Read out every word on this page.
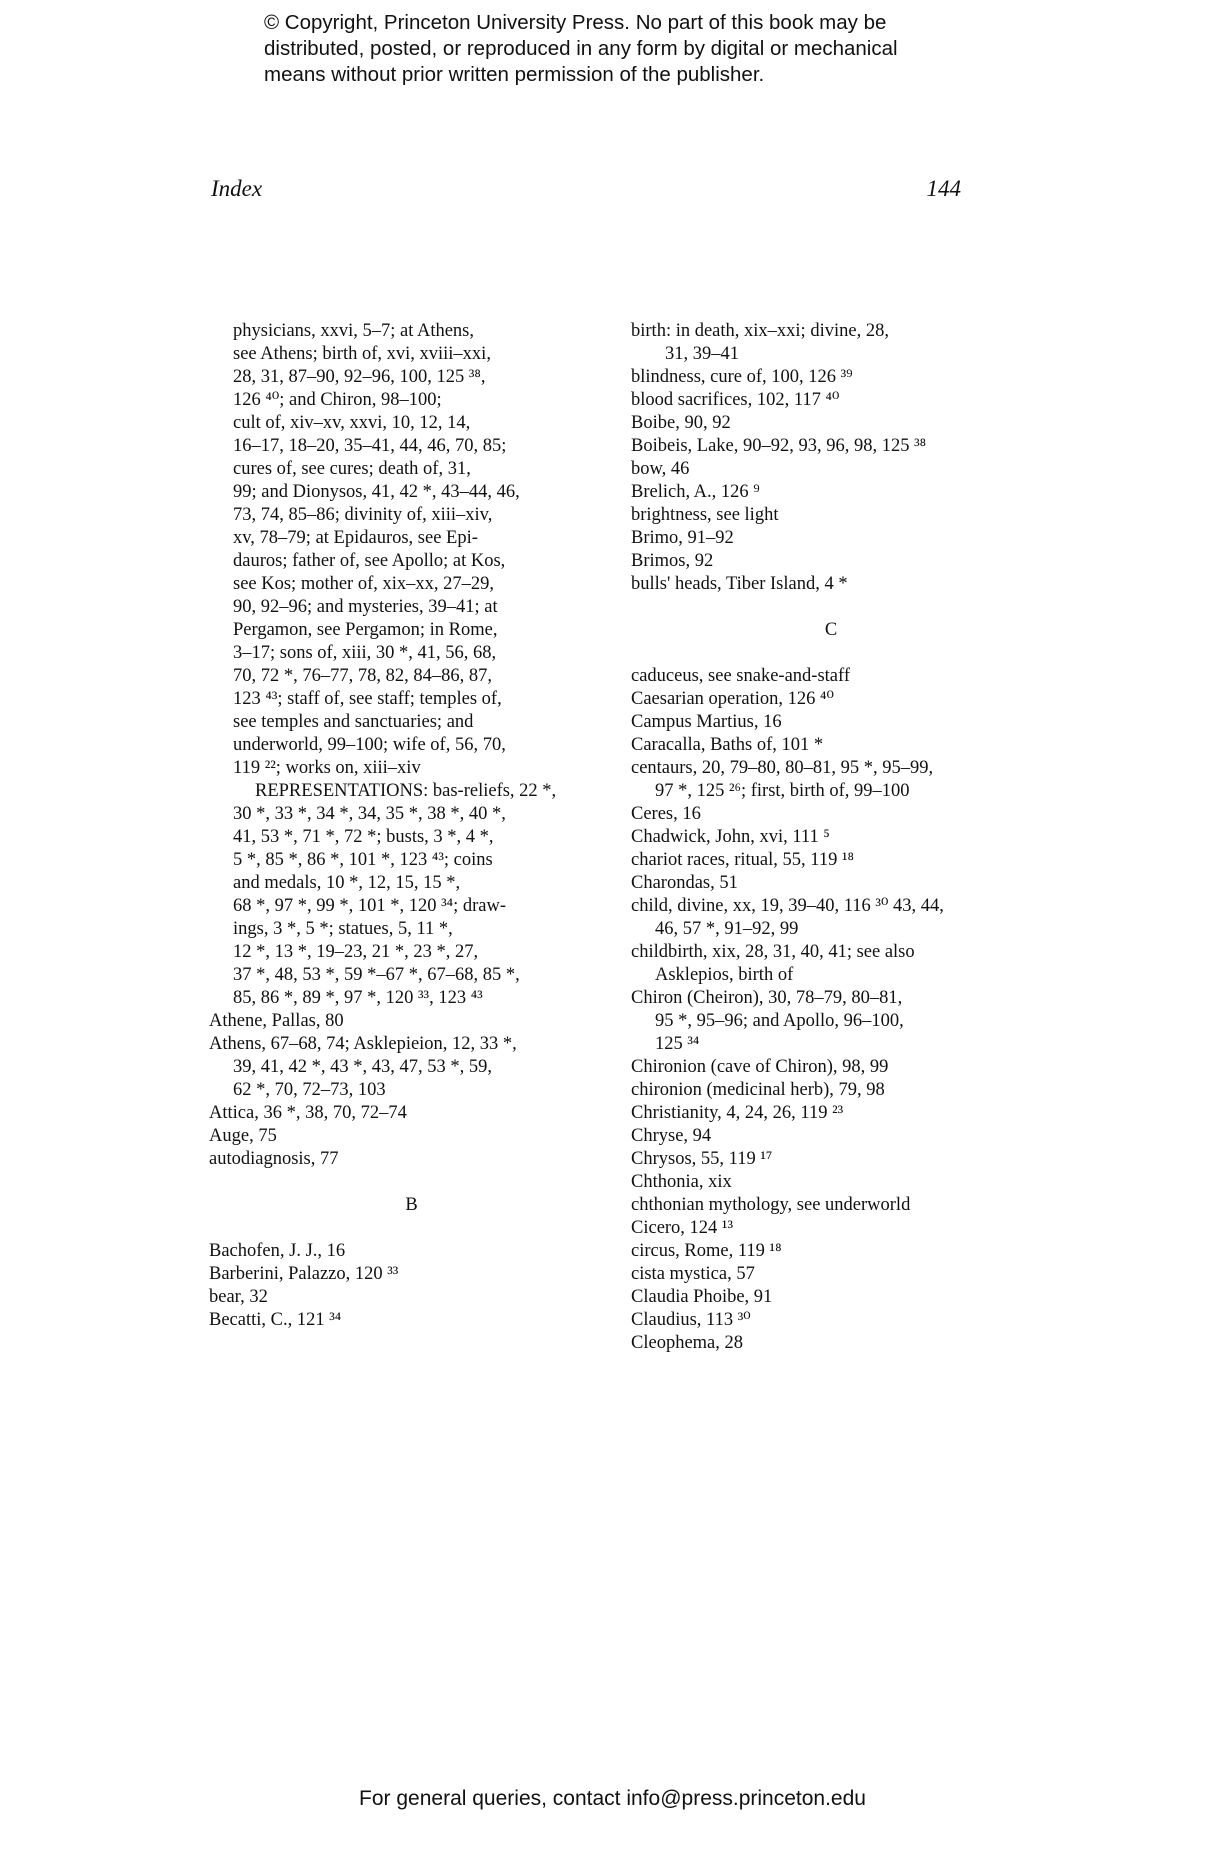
© Copyright, Princeton University Press. No part of this book may be
distributed, posted, or reproduced in any form by digital or mechanical
means without prior written permission of the publisher.
Index	144
physicians, xxvi, 5–7; at Athens,
see Athens; birth of, xvi, xviii–xxi,
28, 31, 87–90, 92–96, 100, 125 ³⁸,
126 ⁴⁰; and Chiron, 98–100;
cult of, xiv–xv, xxvi, 10, 12, 14,
16–17, 18–20, 35–41, 44, 46, 70, 85;
cures of, see cures; death of, 31,
99; and Dionysos, 41, 42 *, 43–44, 46,
73, 74, 85–86; divinity of, xiii–xiv,
xv, 78–79; at Epidauros, see Epi-
dauros; father of, see Apollo; at Kos,
see Kos; mother of, xix–xx, 27–29,
90, 92–96; and mysteries, 39–41; at
Pergamon, see Pergamon; in Rome,
3–17; sons of, xiii, 30 *, 41, 56, 68,
70, 72 *, 76–77, 78, 82, 84–86, 87,
123 ⁴³; staff of, see staff; temples of,
see temples and sanctuaries; and
underworld, 99–100; wife of, 56, 70,
119 ²²; works on, xiii–xiv
REPRESENTATIONS: bas-reliefs, 22 *,
30 *, 33 *, 34 *, 34, 35 *, 38 *, 40 *,
41, 53 *, 71 *, 72 *; busts, 3 *, 4 *,
5 *, 85 *, 86 *, 101 *, 123 ⁴³; coins
and medals, 10 *, 12, 15, 15 *,
68 *, 97 *, 99 *, 101 *, 120 ³⁴; draw-
ings, 3 *, 5 *; statues, 5, 11 *,
12 *, 13 *, 19–23, 21 *, 23 *, 27,
37 *, 48, 53 *, 59 *–67 *, 67–68, 85 *,
85, 86 *, 89 *, 97 *, 120 ³³, 123 ⁴³
Athene, Pallas, 80
Athens, 67–68, 74; Asklepieion, 12, 33 *,
39, 41, 42 *, 43 *, 43, 47, 53 *, 59,
62 *, 70, 72–73, 103
Attica, 36 *, 38, 70, 72–74
Auge, 75
autodiagnosis, 77
B
Bachofen, J. J., 16
Barberini, Palazzo, 120 ³³
bear, 32
Becatti, C., 121 ³⁴
birth: in death, xix–xxi; divine, 28,
31, 39–41
blindness, cure of, 100, 126 ³⁹
blood sacrifices, 102, 117 ⁴⁰
Boibe, 90, 92
Boibeis, Lake, 90–92, 93, 96, 98, 125 ³⁸
bow, 46
Brelich, A., 126 ⁹
brightness, see light
Brimo, 91–92
Brimos, 92
bulls' heads, Tiber Island, 4 *
C
caduceus, see snake-and-staff
Caesarian operation, 126 ⁴⁰
Campus Martius, 16
Caracalla, Baths of, 101 *
centaurs, 20, 79–80, 80–81, 95 *, 95–99,
97 *, 125 ²⁶; first, birth of, 99–100
Ceres, 16
Chadwick, John, xvi, 111 ⁵
chariot races, ritual, 55, 119 ¹⁸
Charondas, 51
child, divine, xx, 19, 39–40, 116 ³⁰ 43, 44,
46, 57 *, 91–92, 99
childbirth, xix, 28, 31, 40, 41; see also
Asklepios, birth of
Chiron (Cheiron), 30, 78–79, 80–81,
95 *, 95–96; and Apollo, 96–100,
125 ³⁴
Chironion (cave of Chiron), 98, 99
chironion (medicinal herb), 79, 98
Christianity, 4, 24, 26, 119 ²³
Chryse, 94
Chrysos, 55, 119 ¹⁷
Chthonia, xix
chthonian mythology, see underworld
Cicero, 124 ¹³
circus, Rome, 119 ¹⁸
cista mystica, 57
Claudia Phoibe, 91
Claudius, 113 ³⁰
Cleophema, 28
For general queries, contact info@press.princeton.edu
